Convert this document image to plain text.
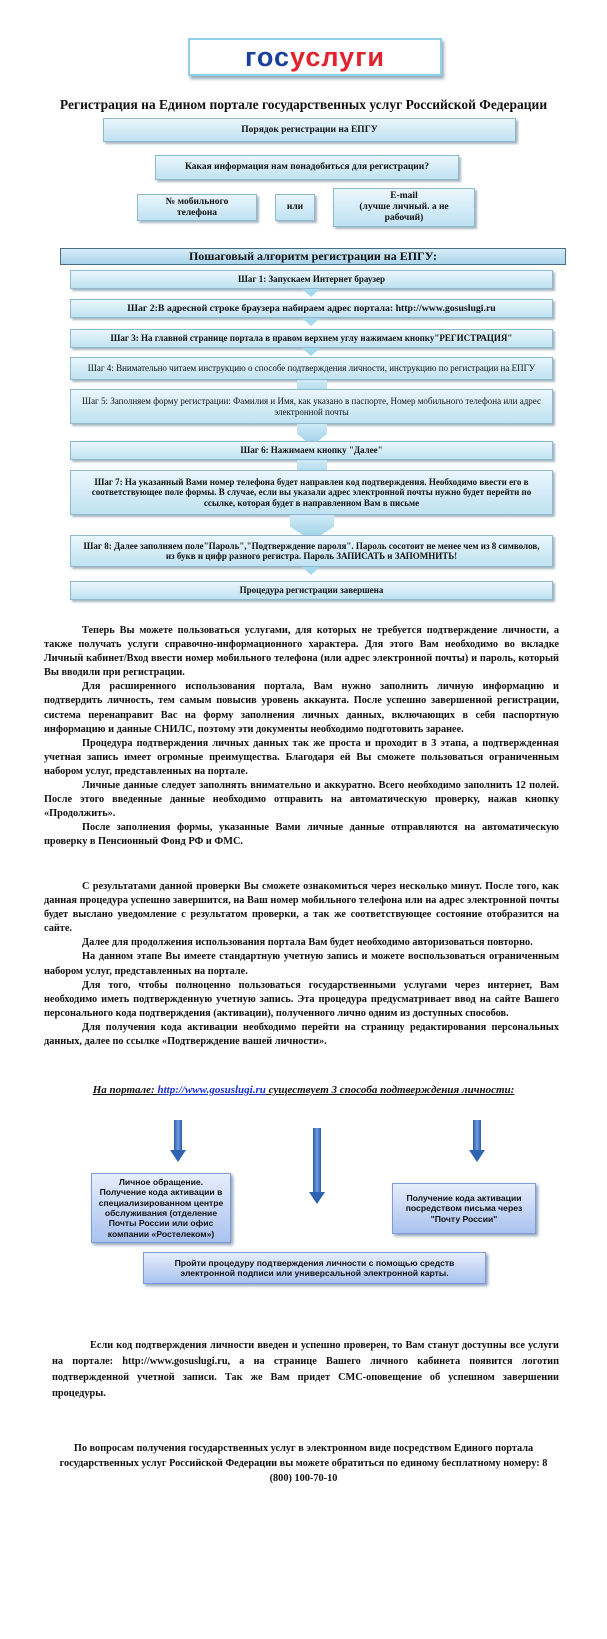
гос услуги
Регистрация на Едином портале государственных услуг Российской Федерации
Порядок регистрации на ЕПГУ
Какая информация нам понадобиться для регистрации?
№ мобильного телефона
или
E-mail
(лучше личный. а не рабочий)
Пошаговый алгоритм регистрации на ЕПГУ:
Шаг 1: Запускаем Интернет браузер
Шаг 2:В адресной строке браузера набираем адрес портала: http://www.gosuslugi.ru
Шаг 3: На главной странице портала в правом верхнем углу нажимаем кнопку"РЕГИСТРАЦИЯ"
Шаг 4: Внимательно читаем инструкцию о способе подтверждения личности, инструкцию по регистрации на ЕПГУ
Шаг 5: Заполняем форму регистрации: Фамилия и Имя, как указано в паспорте, Номер мобильного телефона или адрес электронной почты
Шаг 6: Нажимаем кнопку "Далее"
Шаг 7: На указанный Вами номер телефона будет направлен код подтверждения. Необходимо ввести его в соответствующее поле формы. В случае, если вы указали адрес электронной почты нужно будет перейти по ссылке, которая будет в направленном Вам в письме
Шаг 8: Далее заполняем поле"Пароль","Подтверждение пароля". Пароль сосотоит не менее чем из 8 символов, из букв и цифр разного регистра. Пароль ЗАПИСАТЬ и ЗАПОМНИТЬ!
Процедура регистрации завершена

Теперь Вы можете пользоваться услугами, для которых не требуется подтверждение личности, а также получать услуги справочно-информационного характера. Для этого Вам необходимо во вкладке Личный кабинет/Вход ввести номер мобильного телефона (или адрес электронной почты) и пароль, который Вы вводили при регистрации.

Для расширенного использования портала, Вам нужно заполнить личную информацию и подтвердить личность, тем самым повысив уровень аккаунта. После успешно завершенной регистрации, система перенаправит Вас на форму заполнения личных данных, включающих в себя паспортную информацию и данные СНИЛС, поэтому эти документы необходимо подготовить заранее.

Процедура подтверждения личных данных так же проста и проходит в 3 этапа, а подтвержденная учетная запись имеет огромные преимущества. Благодаря ей Вы сможете пользоваться ограниченным набором услуг, представленных на портале.

Личные данные следует заполнять внимательно и аккуратно. Всего необходимо заполнить 12 полей. После этого введенные данные необходимо отправить на автоматическую проверку, нажав кнопку «Продолжить».

После заполнения формы, указанные Вами личные данные отправляются на автоматическую проверку в Пенсионный Фонд РФ и ФМС.

С результатами данной проверки Вы сможете ознакомиться через несколько минут. После того, как данная процедура успешно завершится, на Ваш номер мобильного телефона или на адрес электронной почты будет выслано уведомление с результатом проверки, а так же соответствующее состояние отобразится на сайте.

Далее для продолжения использования портала Вам будет необходимо авторизоваться повторно.

На данном этапе Вы имеете стандартную учетную запись и можете воспользоваться ограниченным набором услуг, представленных на портале.

Для того, чтобы полноценно пользоваться государственными услугами через интернет, Вам необходимо иметь подтвержденную учетную запись. Эта процедура предусматривает ввод на сайте Вашего персонального кода подтверждения (активации), полученного лично одним из доступных способов.

Для получения кода активации необходимо перейти на страницу редактирования персональных данных, далее по ссылке «Подтверждение вашей личности».

На портале: http://www.gosuslugi.ru существует 3 способа подтверждения личности:
Личное обращение. Получение кода активации в специализированном центре обслуживания (отделение Почты России или офис компании «Ростелеком»)
Получение кода активации посредством письма через "Почту России"
Пройти процедуру подтверждения личности с помощью средств электронной подписи или универсальной электронной карты.

Если код подтверждения личности введен и успешно проверен, то Вам станут доступны все услуги на портале: http://www.gosuslugi.ru, а на странице Вашего личного кабинета появится логотип подтвержденной учетной записи. Так же Вам придет СМС-оповещение об успешном завершении процедуры.

По вопросам получения государственных услуг в электронном виде посредством Единого портала государственных услуг Российской Федерации вы можете обратиться по единому бесплатному номеру: 8 (800) 100-70-10
